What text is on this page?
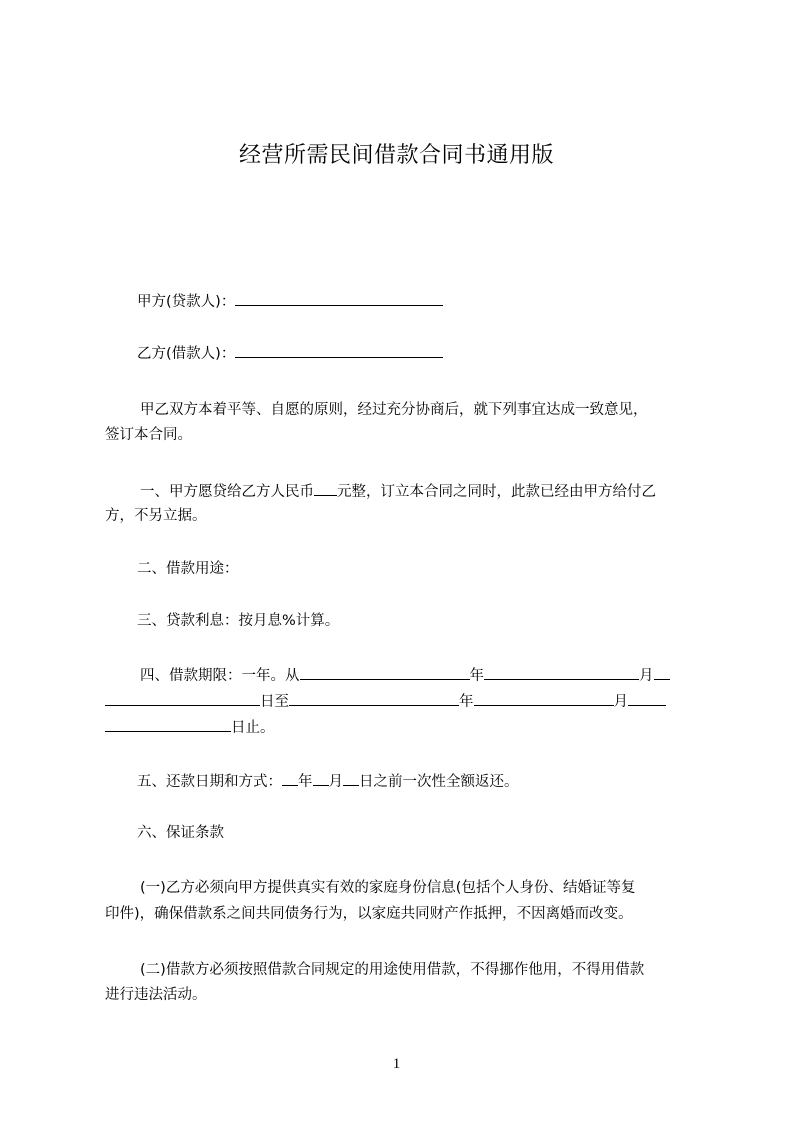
经营所需民间借款合同书通用版
甲方(贷款人)：
乙方(借款人)：
甲乙双方本着平等、自愿的原则，经过充分协商后，就下列事宜达成一致意见，
签订本合同。
一、甲方愿贷给乙方人民币 元整，订立本合同之同时，此款已经由甲方给付乙
方，不另立据。
二、借款用途：
三、贷款利息：按月息%计算。
四、借款期限：一年。从	年	月
日至	年	月
日止。
五、还款日期和方式： 年 月 日之前一次性全额返还。
六、保证条款
(一)乙方必须向甲方提供真实有效的家庭身份信息(包括个人身份、结婚证等复
印件)，确保借款系之间共同债务行为，以家庭共同财产作抵押，不因离婚而改变。
(二)借款方必须按照借款合同规定的用途使用借款，不得挪作他用，不得用借款
进行违法活动。
1
